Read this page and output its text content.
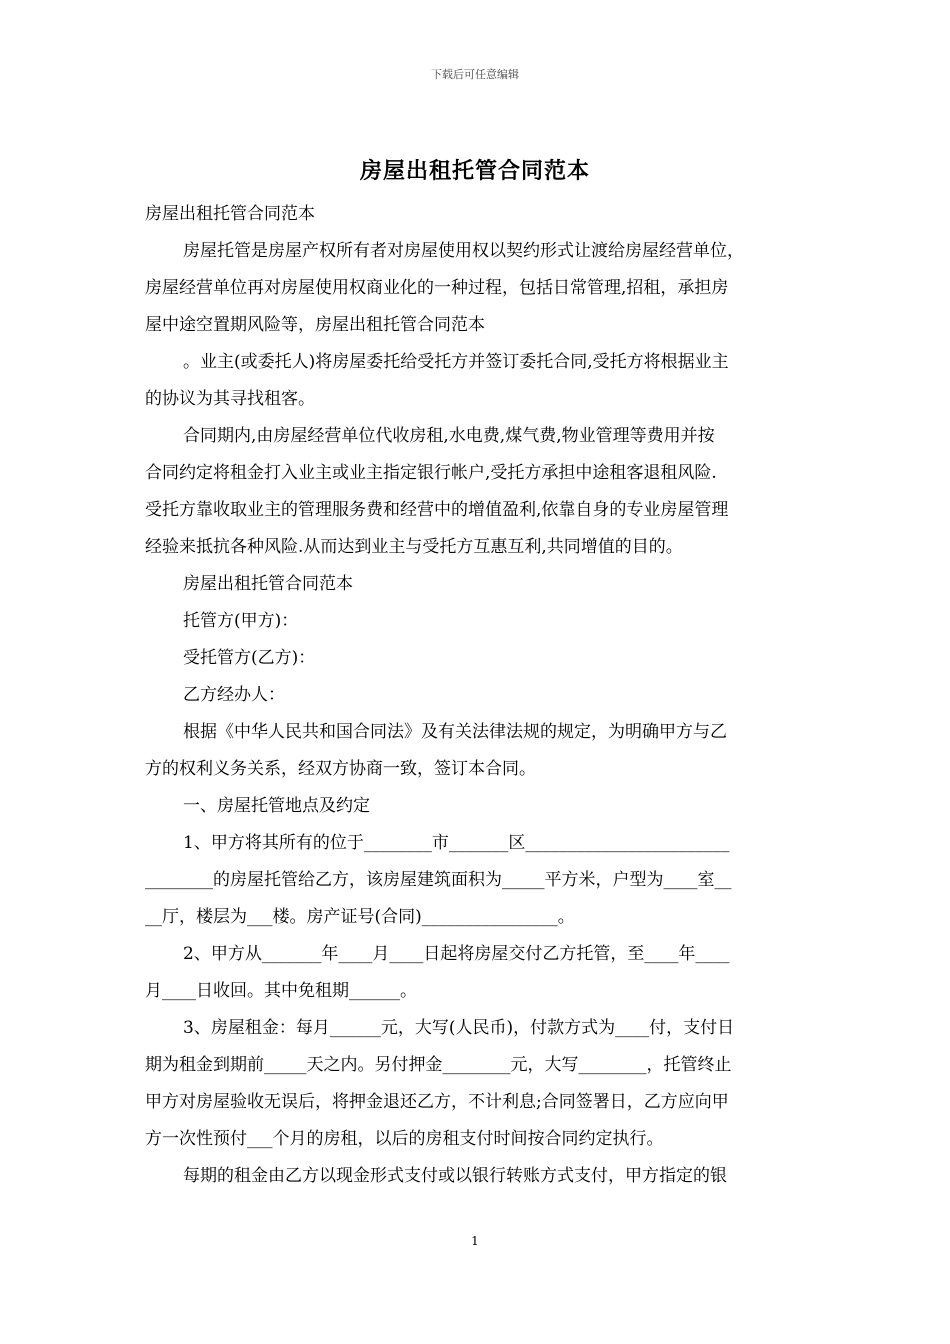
下载后可任意编辑
房屋出租托管合同范本
房屋出租托管合同范本
房屋托管是房屋产权所有者对房屋使用权以契约形式让渡给房屋经营单位，
房屋经营单位再对房屋使用权商业化的一种过程，包括日常管理,招租，承担房
屋中途空置期风险等，房屋出租托管合同范本
。业主(或委托人)将房屋委托给受托方并签订委托合同,受托方将根据业主
的协议为其寻找租客。
合同期内,由房屋经营单位代收房租,水电费,煤气费,物业管理等费用并按
合同约定将租金打入业主或业主指定银行帐户,受托方承担中途租客退租风险.
受托方靠收取业主的管理服务费和经营中的增值盈利,依靠自身的专业房屋管理
经验来抵抗各种风险.从而达到业主与受托方互惠互利,共同增值的目的。
房屋出租托管合同范本
托管方(甲方)：
受托管方(乙方)：
乙方经办人：
根据《中华人民共和国合同法》及有关法律法规的规定，为明确甲方与乙
方的权利义务关系，经双方协商一致，签订本合同。
一、房屋托管地点及约定
1、甲方将其所有的位于________市_______区________________________
________的房屋托管给乙方，该房屋建筑面积为_____平方米，户型为____室__
__厅，楼层为___楼。房产证号(合同)________________。
2、甲方从_______年____月____日起将房屋交付乙方托管，至____年____
月____日收回。其中免租期______。
3、房屋租金：每月______元，大写(人民币)，付款方式为____付，支付日
期为租金到期前_____天之内。另付押金________元，大写________，托管终止
甲方对房屋验收无误后，将押金退还乙方，不计利息;合同签署日，乙方应向甲
方一次性预付___个月的房租，以后的房租支付时间按合同约定执行。
每期的租金由乙方以现金形式支付或以银行转账方式支付，甲方指定的银
1
